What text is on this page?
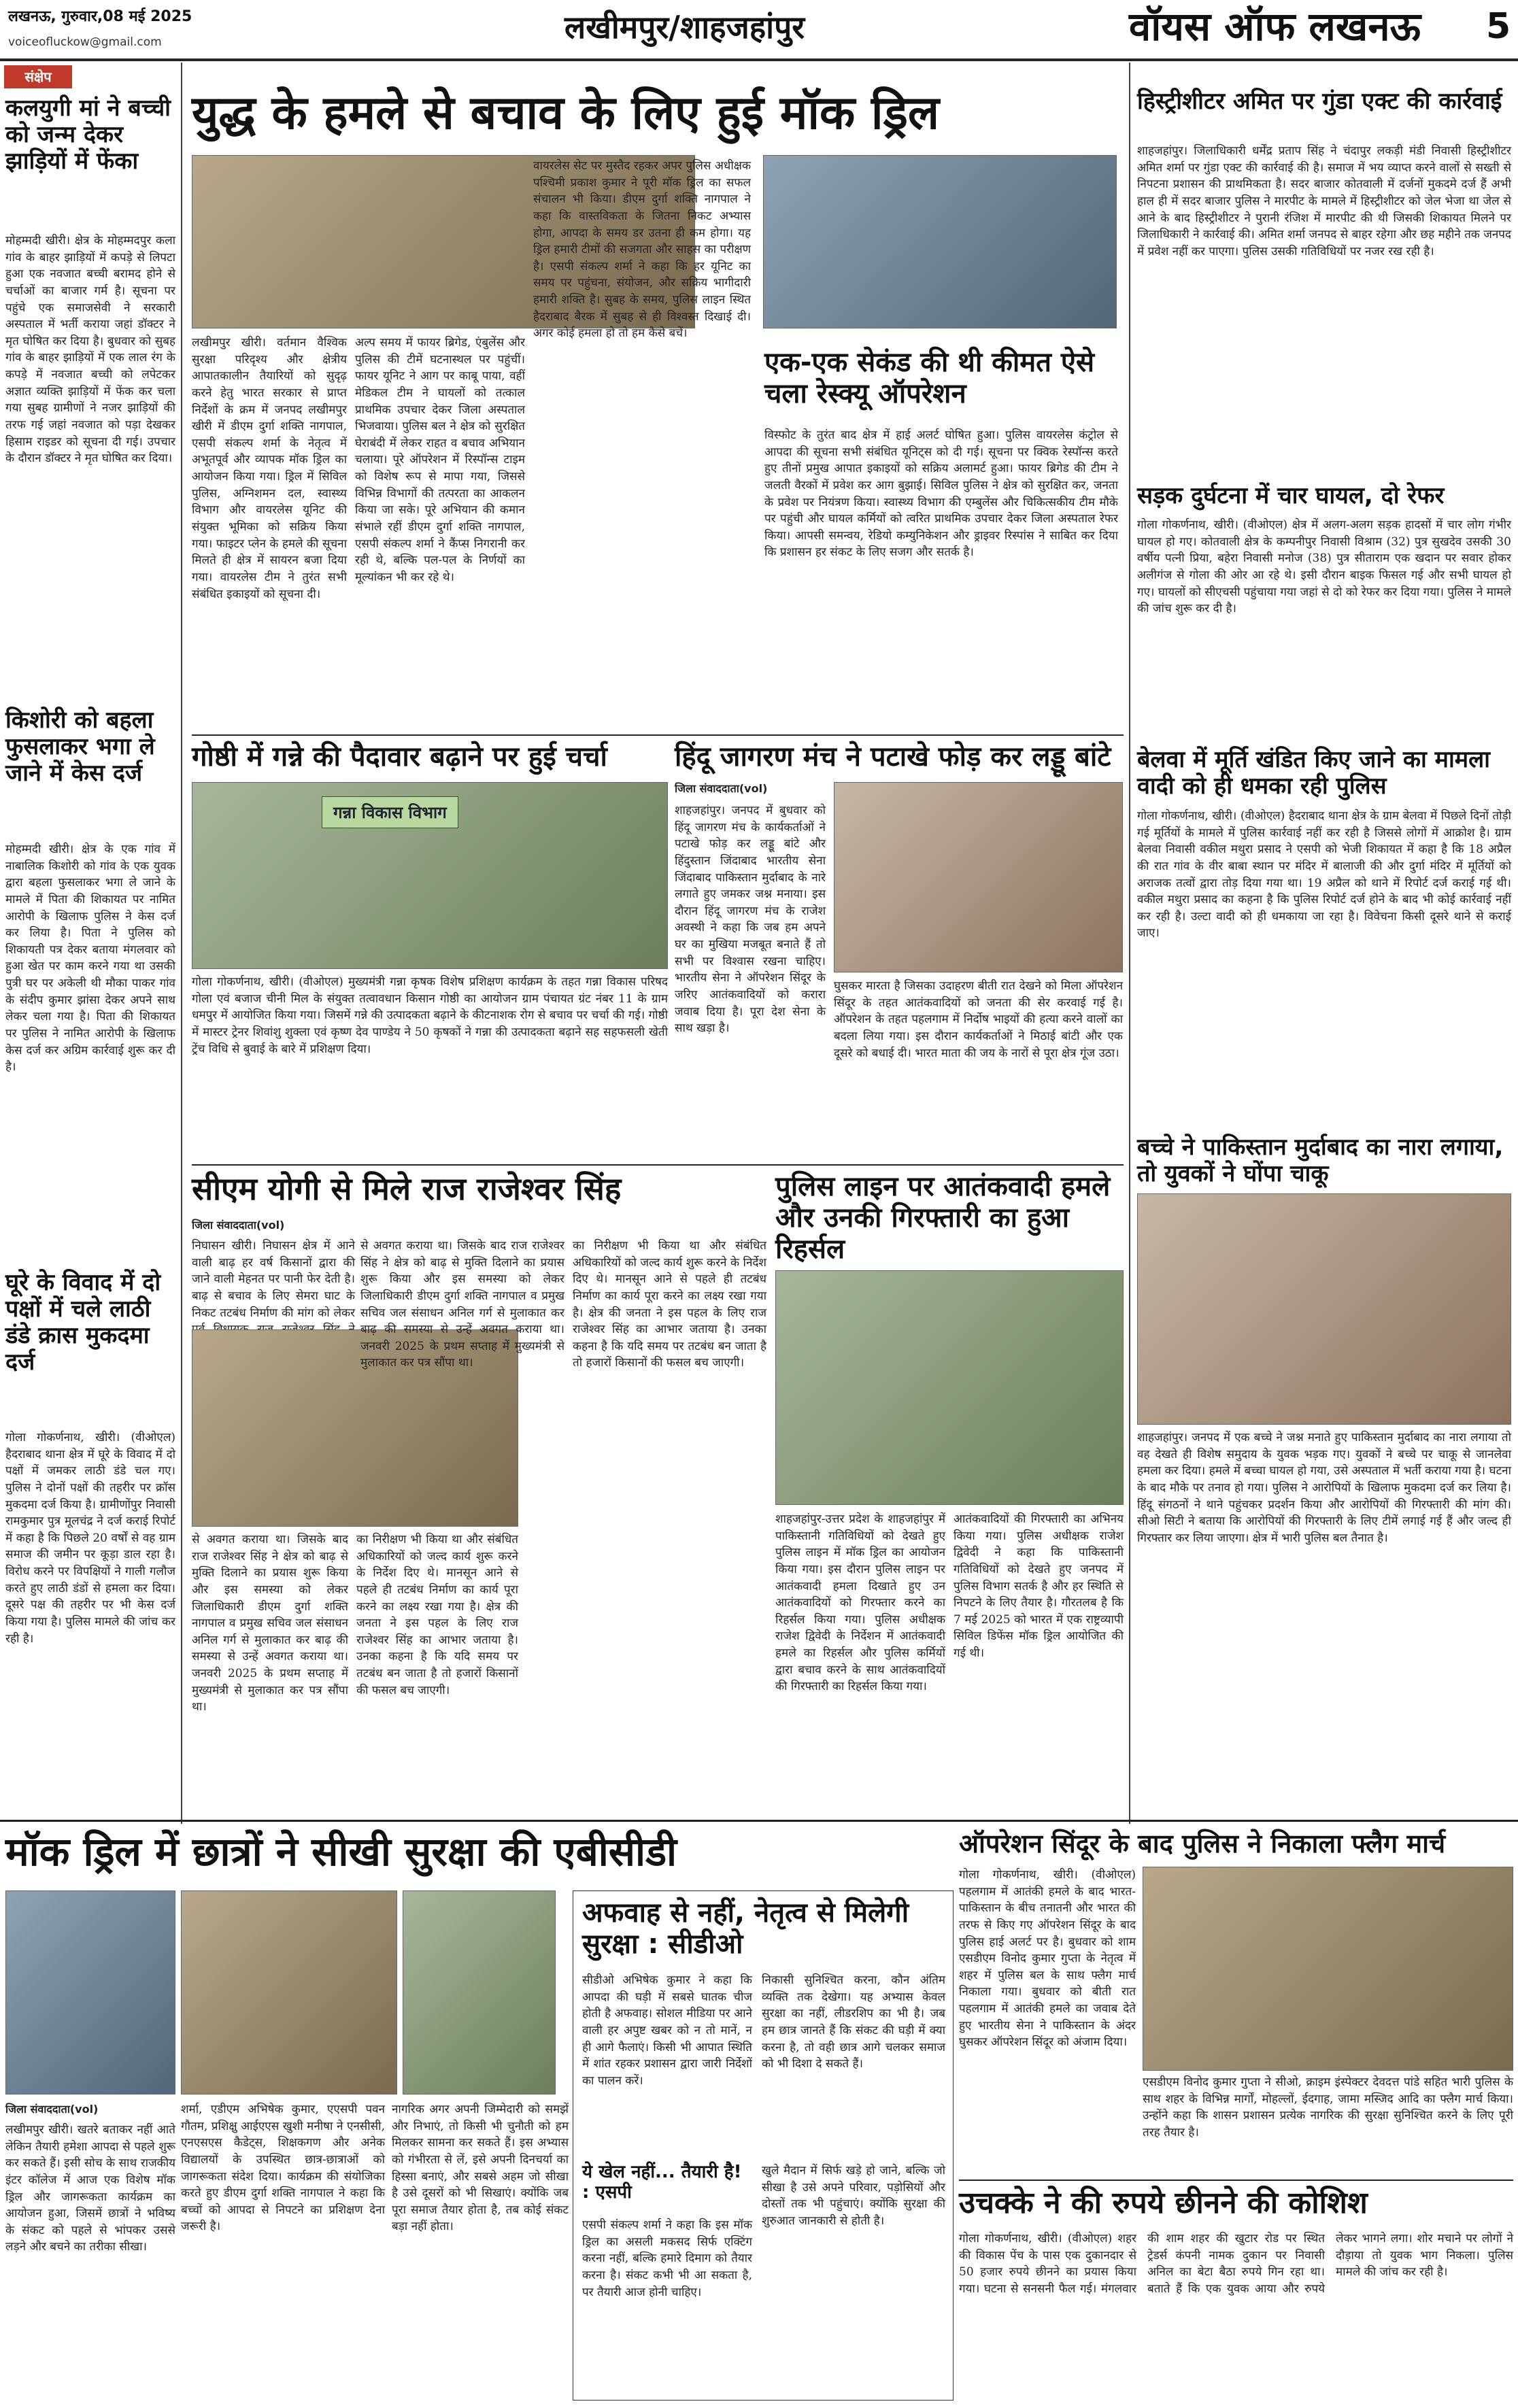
लखनऊ, गुरुवार,08 मई 2025
voiceofluckow@gmail.com	लखीमपुर/शाहजहांपुर	वॉयस ऑफ लखनऊ 5
संक्षेप
कलयुगी मां ने बच्ची को जन्म देकर झाड़ियों में फेंका
मोहम्मदी खीरी। क्षेत्र के मोहम्मदपुर कला गांव के बाहर झाड़ियों में कपड़े से लिपटा हुआ एक नवजात बच्ची बरामद होने से चर्चाओं का बाजार गर्म है। सूचना पर पहुंचे एक समाजसेवी ने सरकारी अस्पताल में भर्ती कराया जहां डॉक्टर ने मृत घोषित कर दिया है। बुधवार को सुबह गांव के बाहर झाड़ियों में एक लाल रंग के कपड़े में नवजात बच्ची को लपेटकर अज्ञात व्यक्ति झाड़ियों में फेंक कर चला गया सुबह ग्रामीणों ने नजर झाड़ियों की तरफ गई जहां नवजात को पड़ा देखकर हिसाम राइडर को सूचना दी गई। उपचार के दौरान डॉक्टर ने मृत घोषित कर दिया।
किशोरी को बहला फुसलाकर भगा ले जाने में केस दर्ज
मोहम्मदी खीरी। क्षेत्र के एक गांव में नाबालिक किशोरी को गांव के एक युवक द्वारा बहला फुसलाकर भगा ले जाने के मामले में पिता की शिकायत पर नामित आरोपी के खिलाफ पुलिस ने केस दर्ज कर लिया है। पिता ने पुलिस को शिकायती पत्र देकर बताया मंगलवार को हुआ खेत पर काम करने गया था उसकी पुत्री घर पर अकेली थी मौका पाकर गांव के संदीप कुमार झांसा देकर अपने साथ लेकर चला गया है। पिता की शिकायत पर पुलिस ने नामित आरोपी के खिलाफ केस दर्ज कर अग्रिम कार्रवाई शुरू कर दी है।
घूरे के विवाद में दो पक्षों में चले लाठी डंडे क्रास मुकदमा दर्ज
गोला गोकर्णनाथ, खीरी। (वीओएल) हैदराबाद थाना क्षेत्र में घूरे के विवाद में दो पक्षों में जमकर लाठी डंडे चल गए। पुलिस ने दोनों पक्षों की तहरीर पर क्रॉस मुकदमा दर्ज किया है। ग्रामीणोंपुर निवासी रामकुमार पुत्र मूलचंद्र ने दर्ज कराई रिपोर्ट में कहा है कि पिछले 20 वर्षों से वह ग्राम समाज की जमीन पर कूड़ा डाल रहा है। विरोध करने पर विपक्षियों ने गाली गलौज करते हुए लाठी डंडों से हमला कर दिया। दूसरे पक्ष की तहरीर पर भी केस दर्ज किया गया है। पुलिस मामले की जांच कर रही है।
युद्ध के हमले से बचाव के लिए हुई मॉक ड्रिल
लखीमपुर खीरी। वर्तमान वैश्विक सुरक्षा परिदृश्य और क्षेत्रीय आपातकालीन तैयारियों को सुदृढ़ करने हेतु भारत सरकार से प्राप्त निर्देशों के क्रम में जनपद लखीमपुर खीरी में डीएम दुर्गा शक्ति नागपाल, एसपी संकल्प शर्मा के नेतृत्व में अभूतपूर्व और व्यापक मॉक ड्रिल का आयोजन किया गया। ड्रिल में सिविल पुलिस, अग्निशमन दल, स्वास्थ्य विभाग और वायरलेस यूनिट की संयुक्त भूमिका को सक्रिय किया गया। फाइटर प्लेन के हमले की सूचना मिलते ही क्षेत्र में सायरन बजा दिया गया। वायरलेस टीम ने तुरंत सभी संबंधित इकाइयों को सूचना दी।
अल्प समय में फायर ब्रिगेड, एंबुलेंस और पुलिस की टीमें घटनास्थल पर पहुंचीं। फायर यूनिट ने आग पर काबू पाया, वहीं मेडिकल टीम ने घायलों को तत्काल प्राथमिक उपचार देकर जिला अस्पताल भिजवाया। पुलिस बल ने क्षेत्र को सुरक्षित घेराबंदी में लेकर राहत व बचाव अभियान चलाया। पूरे ऑपरेशन में रिस्पॉन्स टाइम को विशेष रूप से मापा गया, जिससे विभिन्न विभागों की तत्परता का आकलन किया जा सके। पूरे अभियान की कमान संभाले रहीं डीएम दुर्गा शक्ति नागपाल, एसपी संकल्प शर्मा ने कैंप्स निगरानी कर रही थे, बल्कि पल-पल के निर्णयों का मूल्यांकन भी कर रहे थे।
वायरलेस सेट पर मुस्तैद रहकर अपर पुलिस अधीक्षक पश्चिमी प्रकाश कुमार ने पूरी मॉक ड्रिल का सफल संचालन भी किया। डीएम दुर्गा शक्ति नागपाल ने कहा कि वास्तविकता के जितना निकट अभ्यास होगा, आपदा के समय डर उतना ही कम होगा। यह ड्रिल हमारी टीमों की सजगता और साहस का परीक्षण है। एसपी संकल्प शर्मा ने कहा कि हर यूनिट का समय पर पहुंचना, संयोजन, और सक्रिय भागीदारी हमारी शक्ति है। सुबह के समय, पुलिस लाइन स्थित हैदराबाद बैरक में सुबह से ही विश्वस्त दिखाई दी। अगर कोई हमला हो तो हम कैसे बचें।
एक-एक सेकंड की थी कीमत ऐसे चला रेस्क्यू ऑपरेशन
विस्फोट के तुरंत बाद क्षेत्र में हाई अलर्ट घोषित हुआ। पुलिस वायरलेस कंट्रोल से आपदा की सूचना सभी संबंधित यूनिट्स को दी गई। सूचना पर क्विक रेस्पॉन्स करते हुए तीनों प्रमुख आपात इकाइयों को सक्रिय अलामर्ट हुआ। फायर ब्रिगेड की टीम ने जलती वैरकों में प्रवेश कर आग बुझाई। सिविल पुलिस ने क्षेत्र को सुरक्षित कर, जनता के प्रवेश पर नियंत्रण किया। स्वास्थ्य विभाग की एम्बुलेंस और चिकित्सकीय टीम मौके पर पहुंची और घायल कर्मियों को त्वरित प्राथमिक उपचार देकर जिला अस्पताल रेफर किया। आपसी समन्वय, रेडियो कम्युनिकेशन और ड्राइवर रिस्पांस ने साबित कर दिया कि प्रशासन हर संकट के लिए सजग और सतर्क है।
गोष्ठी में गन्ने की पैदावार बढ़ाने पर हुई चर्चा
गन्ना विकास विभाग
गोला गोकर्णनाथ, खीरी। (वीओएल) मुख्यमंत्री गन्ना कृषक विशेष प्रशिक्षण कार्यक्रम के तहत गन्ना विकास परिषद गोला एवं बजाज चीनी मिल के संयुक्त तत्वावधान किसान गोष्ठी का आयोजन ग्राम पंचायत ग्रंट नंबर 11 के ग्राम धमपुर में आयोजित किया गया। जिसमें गन्ने की उत्पादकता बढ़ाने के कीटनाशक रोग से बचाव पर चर्चा की गई। गोष्ठी में मास्टर ट्रेनर शिवांशु शुक्ला एवं कृष्ण देव पाण्डेय ने 50 कृषकों ने गन्ना की उत्पादकता बढ़ाने सह सहफसली खेती ट्रेंच विधि से बुवाई के बारे में प्रशिक्षण दिया।
हिंदू जागरण मंच ने पटाखे फोड़ कर लड्डू बांटे
जिला संवाददाता(vol)
शाहजहांपुर। जनपद में बुधवार को हिंदू जागरण मंच के कार्यकर्ताओं ने पटाखे फोड़ कर लड्डू बांटे और हिंदुस्तान जिंदाबाद भारतीय सेना जिंदाबाद पाकिस्तान मुर्दाबाद के नारे लगाते हुए जमकर जश्न मनाया। इस दौरान हिंदू जागरण मंच के राजेश अवस्थी ने कहा कि जब हम अपने घर का मुखिया मजबूत बनाते हैं तो सभी पर विश्वास रखना चाहिए। भारतीय सेना ने ऑपरेशन सिंदूर के जरिए आतंकवादियों को करारा जवाब दिया है। पूरा देश सेना के साथ खड़ा है।
घुसकर मारता है जिसका उदाहरण बीती रात देखने को मिला ऑपरेशन सिंदूर के तहत आतंकवादियों को जनता की सेर करवाई गई है। ऑपरेशन के तहत पहलगाम में निर्दोष भाइयों की हत्या करने वालों का बदला लिया गया। इस दौरान कार्यकर्ताओं ने मिठाई बांटी और एक दूसरे को बधाई दी। भारत माता की जय के नारों से पूरा क्षेत्र गूंज उठा।
सीएम योगी से मिले राज राजेश्वर सिंह
जिला संवाददाता(vol)
निघासन खीरी। निघासन क्षेत्र में आने वाली बाढ़ हर वर्ष किसानों द्वारा की जाने वाली मेहनत पर पानी फेर देती है। बाढ़ से बचाव के लिए सेमरा घाट के निकट तटबंध निर्माण की मांग को लेकर
से अवगत कराया था। जिसके बाद राज राजेश्वर सिंह ने क्षेत्र को बाढ़ से मुक्ति दिलाने का प्रयास शुरू किया और इस समस्या को लेकर जिलाधिकारी डीएम दुर्गा शक्ति नागपाल व प्रमुख सचिव जल संसाधन अनिल गर्ग से मुलाकात कर बाढ़ की समस्या से उन्हें अवगत कराया था। जनवरी 2025 के प्रथम सप्ताह में मुख्यमंत्री से मुलाकात कर पत्र सौंपा था।
का निरीक्षण भी किया था और संबंधित अधिकारियों को जल्द कार्य शुरू करने के निर्देश दिए थे। मानसून आने से पहले ही तटबंध निर्माण का कार्य पूरा करने का लक्ष्य रखा गया है। क्षेत्र की जनता ने इस पहल के लिए राज राजेश्वर सिंह का आभार जताया है। उनका कहना है कि यदि समय पर तटबंध बन जाता है तो हजारों किसानों की फसल बच जाएगी।
से अवगत कराया था। जिसके बाद राज राजेश्वर सिंह ने क्षेत्र को बाढ़ से मुक्ति दिलाने का प्रयास शुरू किया और इस समस्या को लेकर जिलाधिकारी डीएम दुर्गा शक्ति नागपाल व प्रमुख सचिव जल संसाधन अनिल गर्ग से मुलाकात कर बाढ़ की समस्या से उन्हें अवगत कराया था। जनवरी 2025 के प्रथम सप्ताह में मुख्यमंत्री से मुलाकात कर पत्र सौंपा था।
का निरीक्षण भी किया था और संबंधित अधिकारियों को जल्द कार्य शुरू करने के निर्देश दिए थे। मानसून आने से पहले ही तटबंध निर्माण का कार्य पूरा करने का लक्ष्य रखा गया है। क्षेत्र की जनता ने इस पहल के लिए राज राजेश्वर सिंह का आभार जताया है। उनका कहना है कि यदि समय पर तटबंध बन जाता है तो हजारों किसानों की फसल बच जाएगी।
पुलिस लाइन पर आतंकवादी हमले और उनकी गिरफ्तारी का हुआ रिहर्सल
शाहजहांपुर-उत्तर प्रदेश के शाहजहांपुर में पाकिस्तानी गतिविधियों को देखते हुए पुलिस लाइन में मॉक ड्रिल का आयोजन किया गया। इस दौरान पुलिस लाइन पर आतंकवादी हमला दिखाते हुए उन आतंकवादियों को गिरफ्तार करने का रिहर्सल किया गया। पुलिस अधीक्षक राजेश द्विवेदी के निर्देशन में आतंकवादी हमले का रिहर्सल और पुलिस कर्मियों द्वारा बचाव करने के साथ आतंकवादियों की गिरफ्तारी का रिहर्सल किया गया।
आतंकवादियों की गिरफ्तारी का अभिनय किया गया। पुलिस अधीक्षक राजेश द्विवेदी ने कहा कि पाकिस्तानी गतिविधियों को देखते हुए जनपद में पुलिस विभाग सतर्क है और हर स्थिति से निपटने के लिए तैयार है। गौरतलब है कि 7 मई 2025 को भारत में एक राष्ट्रव्यापी सिविल डिफेंस मॉक ड्रिल आयोजित की गई थी।
हिस्ट्रीशीटर अमित पर गुंडा एक्ट की कार्रवाई
शाहजहांपुर। जिलाधिकारी धर्मेंद्र प्रताप सिंह ने चंदापुर लकड़ी मंडी निवासी हिस्ट्रीशीटर अमित शर्मा पर गुंडा एक्ट की कार्रवाई की है। समाज में भय व्याप्त करने वालों से सख्ती से निपटना प्रशासन की प्राथमिकता है। सदर बाजार कोतवाली में दर्जनों मुकदमे दर्ज हैं अभी हाल ही में सदर बाजार पुलिस ने मारपीट के मामले में हिस्ट्रीशीटर को जेल भेजा था जेल से आने के बाद हिस्ट्रीशीटर ने पुरानी रंजिश में मारपीट की थी जिसकी शिकायत मिलने पर जिलाधिकारी ने कार्रवाई की। अमित शर्मा जनपद से बाहर रहेगा और छह महीने तक जनपद में प्रवेश नहीं कर पाएगा। पुलिस उसकी गतिविधियों पर नजर रख रही है।
सड़क दुर्घटना में चार घायल, दो रेफर
गोला गोकर्णनाथ, खीरी। (वीओएल) क्षेत्र में अलग-अलग सड़क हादसों में चार लोग गंभीर घायल हो गए। कोतवाली क्षेत्र के कम्पनीपुर निवासी विश्राम (32) पुत्र सुखदेव उसकी 30 वर्षीय पत्नी प्रिया, बहेरा निवासी मनोज (38) पुत्र सीताराम एक खदान पर सवार होकर अलीगंज से गोला की ओर आ रहे थे। इसी दौरान बाइक फिसल गई और सभी घायल हो गए। घायलों को सीएचसी पहुंचाया गया जहां से दो को रेफर कर दिया गया। पुलिस ने मामले की जांच शुरू कर दी है।
बेलवा में मूर्ति खंडित किए जाने का मामला वादी को ही धमका रही पुलिस
गोला गोकर्णनाथ, खीरी। (वीओएल) हैदराबाद थाना क्षेत्र के ग्राम बेलवा में पिछले दिनों तोड़ी गई मूर्तियों के मामले में पुलिस कार्रवाई नहीं कर रही है जिससे लोगों में आक्रोश है। ग्राम बेलवा निवासी वकील मथुरा प्रसाद ने एसपी को भेजी शिकायत में कहा है कि 18 अप्रैल की रात गांव के वीर बाबा स्थान पर मंदिर में बालाजी की और दुर्गा मंदिर में मूर्तियों को अराजक तत्वों द्वारा तोड़ दिया गया था। 19 अप्रैल को थाने में रिपोर्ट दर्ज कराई गई थी। वकील मथुरा प्रसाद का कहना है कि पुलिस रिपोर्ट दर्ज होने के बाद भी कोई कार्रवाई नहीं कर रही है। उल्टा वादी को ही धमकाया जा रहा है। विवेचना किसी दूसरे थाने से कराई जाए।
बच्चे ने पाकिस्तान मुर्दाबाद का नारा लगाया, तो युवकों ने घोंपा चाकू
शाहजहांपुर। जनपद में एक बच्चे ने जश्न मनाते हुए पाकिस्तान मुर्दाबाद का नारा लगाया तो वह देखते ही विशेष समुदाय के युवक भड़क गए। युवकों ने बच्चे पर चाकू से जानलेवा हमला कर दिया। हमले में बच्चा घायल हो गया, उसे अस्पताल में भर्ती कराया गया है। घटना के बाद मौके पर तनाव हो गया। पुलिस ने आरोपियों के खिलाफ मुकदमा दर्ज कर लिया है। हिंदू संगठनों ने थाने पहुंचकर प्रदर्शन किया और आरोपियों की गिरफ्तारी की मांग की। सीओ सिटी ने बताया कि आरोपियों की गिरफ्तारी के लिए टीमें लगाई गई हैं और जल्द ही गिरफ्तार कर लिया जाएगा। क्षेत्र में भारी पुलिस बल तैनात है।
मॉक ड्रिल में छात्रों ने सीखी सुरक्षा की एबीसीडी
जिला संवाददाता(vol)
लखीमपुर खीरी। खतरे बताकर नहीं आते लेकिन तैयारी हमेशा आपदा से पहले शुरू कर सकते हैं। इसी सोच के साथ राजकीय इंटर कॉलेज में आज एक विशेष मॉक ड्रिल और जागरूकता कार्यक्रम का आयोजन हुआ, जिसमें छात्रों ने भविष्य के संकट को पहले से भांपकर उससे लड़ने और बचने का तरीका सीखा।
शर्मा, एडीएम अभिषेक कुमार, एएसपी पवन गौतम, प्रशिक्षु आईएएस खुशी मनीषा ने एनसीसी, एनएसएस कैडेट्स, शिक्षकगण और अनेक विद्यालयों के उपस्थित छात्र-छात्राओं को जागरूकता संदेश दिया। कार्यक्रम की संयोजिका करते हुए डीएम दुर्गा शक्ति नागपाल ने कहा कि बच्चों को आपदा से निपटने का प्रशिक्षण देना जरूरी है।
नागरिक अगर अपनी जिम्मेदारी को समझें और निभाएं, तो किसी भी चुनौती को हम मिलकर सामना कर सकते हैं। इस अभ्यास को गंभीरता से लें, इसे अपनी दिनचर्या का हिस्सा बनाएं, और सबसे अहम जो सीखा है उसे दूसरों को भी सिखाएं। क्योंकि जब पूरा समाज तैयार होता है, तब कोई संकट बड़ा नहीं होता।
अफवाह से नहीं, नेतृत्व से मिलेगी सुरक्षा : सीडीओ
सीडीओ अभिषेक कुमार ने कहा कि आपदा की घड़ी में सबसे घातक चीज होती है अफवाह। सोशल मीडिया पर आने वाली हर अपुष्ट खबर को न तो मानें, न ही आगे फैलाएं। किसी भी आपात स्थिति में शांत रहकर प्रशासन द्वारा जारी निर्देशों का पालन करें।
निकासी सुनिश्चित करना, कौन अंतिम व्यक्ति तक देखेगा। यह अभ्यास केवल सुरक्षा का नहीं, लीडरशिप का भी है। जब हम छात्र जानते हैं कि संकट की घड़ी में क्या करना है, तो वही छात्र आगे चलकर समाज को भी दिशा दे सकते हैं।
ये खेल नहीं... तैयारी है! : एसपी
एसपी संकल्प शर्मा ने कहा कि इस मॉक ड्रिल का असली मकसद सिर्फ एक्टिंग करना नहीं, बल्कि हमारे दिमाग को तैयार करना है। संकट कभी भी आ सकता है, पर तैयारी आज होनी चाहिए।
खुले मैदान में सिर्फ खड़े हो जाने, बल्कि जो सीखा है उसे अपने परिवार, पड़ोसियों और दोस्तों तक भी पहुंचाएं। क्योंकि सुरक्षा की शुरुआत जानकारी से होती है।
ऑपरेशन सिंदूर के बाद पुलिस ने निकाला फ्लैग मार्च
गोला गोकर्णनाथ, खीरी। (वीओएल) पहलगाम में आतंकी हमले के बाद भारत-पाकिस्तान के बीच तनातनी और भारत की तरफ से किए गए ऑपरेशन सिंदूर के बाद पुलिस हाई अलर्ट पर है। बुधवार को शाम एसडीएम विनोद कुमार गुप्ता के नेतृत्व में शहर में पुलिस बल के साथ फ्लैग मार्च निकाला गया। बुधवार को बीती रात पहलगाम में आतंकी हमले का जवाब देते हुए भारतीय सेना ने पाकिस्तान के अंदर घुसकर ऑपरेशन सिंदूर को अंजाम दिया।
एसडीएम विनोद कुमार गुप्ता ने सीओ, क्राइम इंस्पेक्टर देवदत्त पांडे सहित भारी पुलिस के साथ शहर के विभिन्न मार्गों, मोहल्लों, ईदगाह, जामा मस्जिद आदि का फ्लैग मार्च किया। उन्होंने कहा कि शासन प्रशासन प्रत्येक नागरिक की सुरक्षा सुनिश्चित करने के लिए पूरी तरह तैयार है।
उचक्के ने की रुपये छीनने की कोशिश
गोला गोकर्णनाथ, खीरी। (वीओएल) शहर की विकास पेंच के पास एक दुकानदार से 50 हजार रुपये छीनने का प्रयास किया गया। घटना से सनसनी फैल गई। मंगलवार की शाम शहर की खुटार रोड पर स्थित ट्रेडर्स कंपनी नामक दुकान पर निवासी अनिल का बेटा बैठा रुपये गिन रहा था। बताते हैं कि एक युवक आया और रुपये लेकर भागने लगा। शोर मचाने पर लोगों ने दौड़ाया तो युवक भाग निकला। पुलिस मामले की जांच कर रही है।
